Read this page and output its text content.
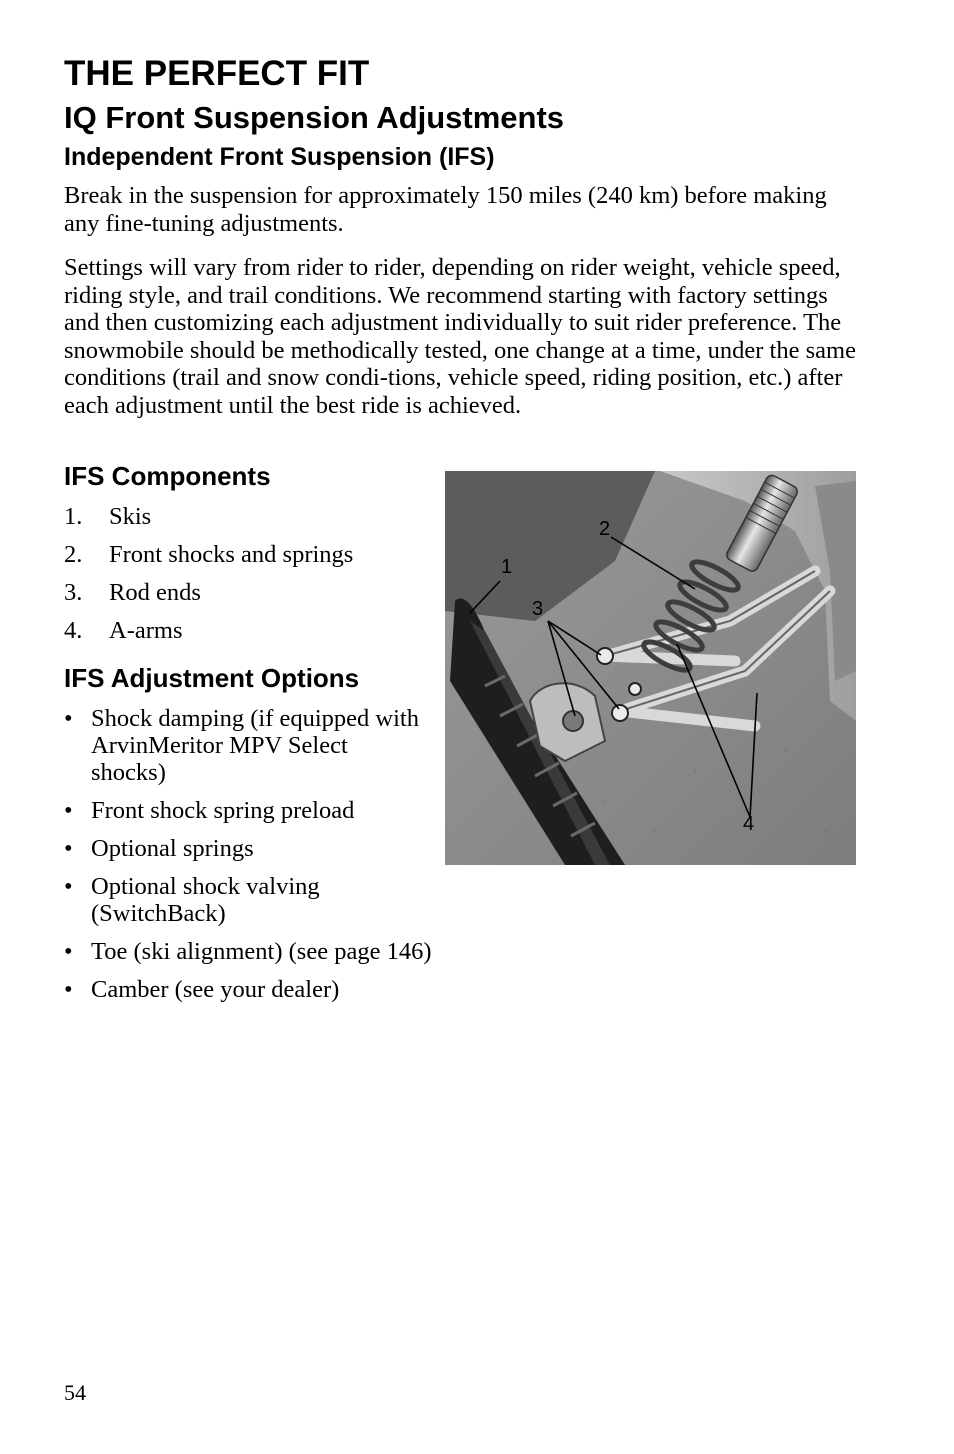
THE PERFECT FIT
IQ Front Suspension Adjustments
Independent Front Suspension (IFS)

Break in the suspension for approximately 150 miles (240 km) before making any fine-tuning adjustments.

Settings will vary from rider to rider, depending on rider weight, vehicle speed, riding style, and trail conditions. We recommend starting with factory settings and then customizing each adjustment individually to suit rider preference. The snowmobile should be methodically tested, one change at a time, under the same conditions (trail and snow condi-tions, vehicle speed, riding position, etc.) after each adjustment until the best ride is achieved.

IFS Components
1. Skis
2. Front shocks and springs
3. Rod ends
4. A-arms
IFS Adjustment Options
• Shock damping (if equipped with ArvinMeritor MPV Select shocks)
• Front shock spring preload
• Optional springs
• Optional shock valving (SwitchBack)
• Toe (ski alignment) (see page 146)
• Camber (see your dealer)
1
2
3
4

54
